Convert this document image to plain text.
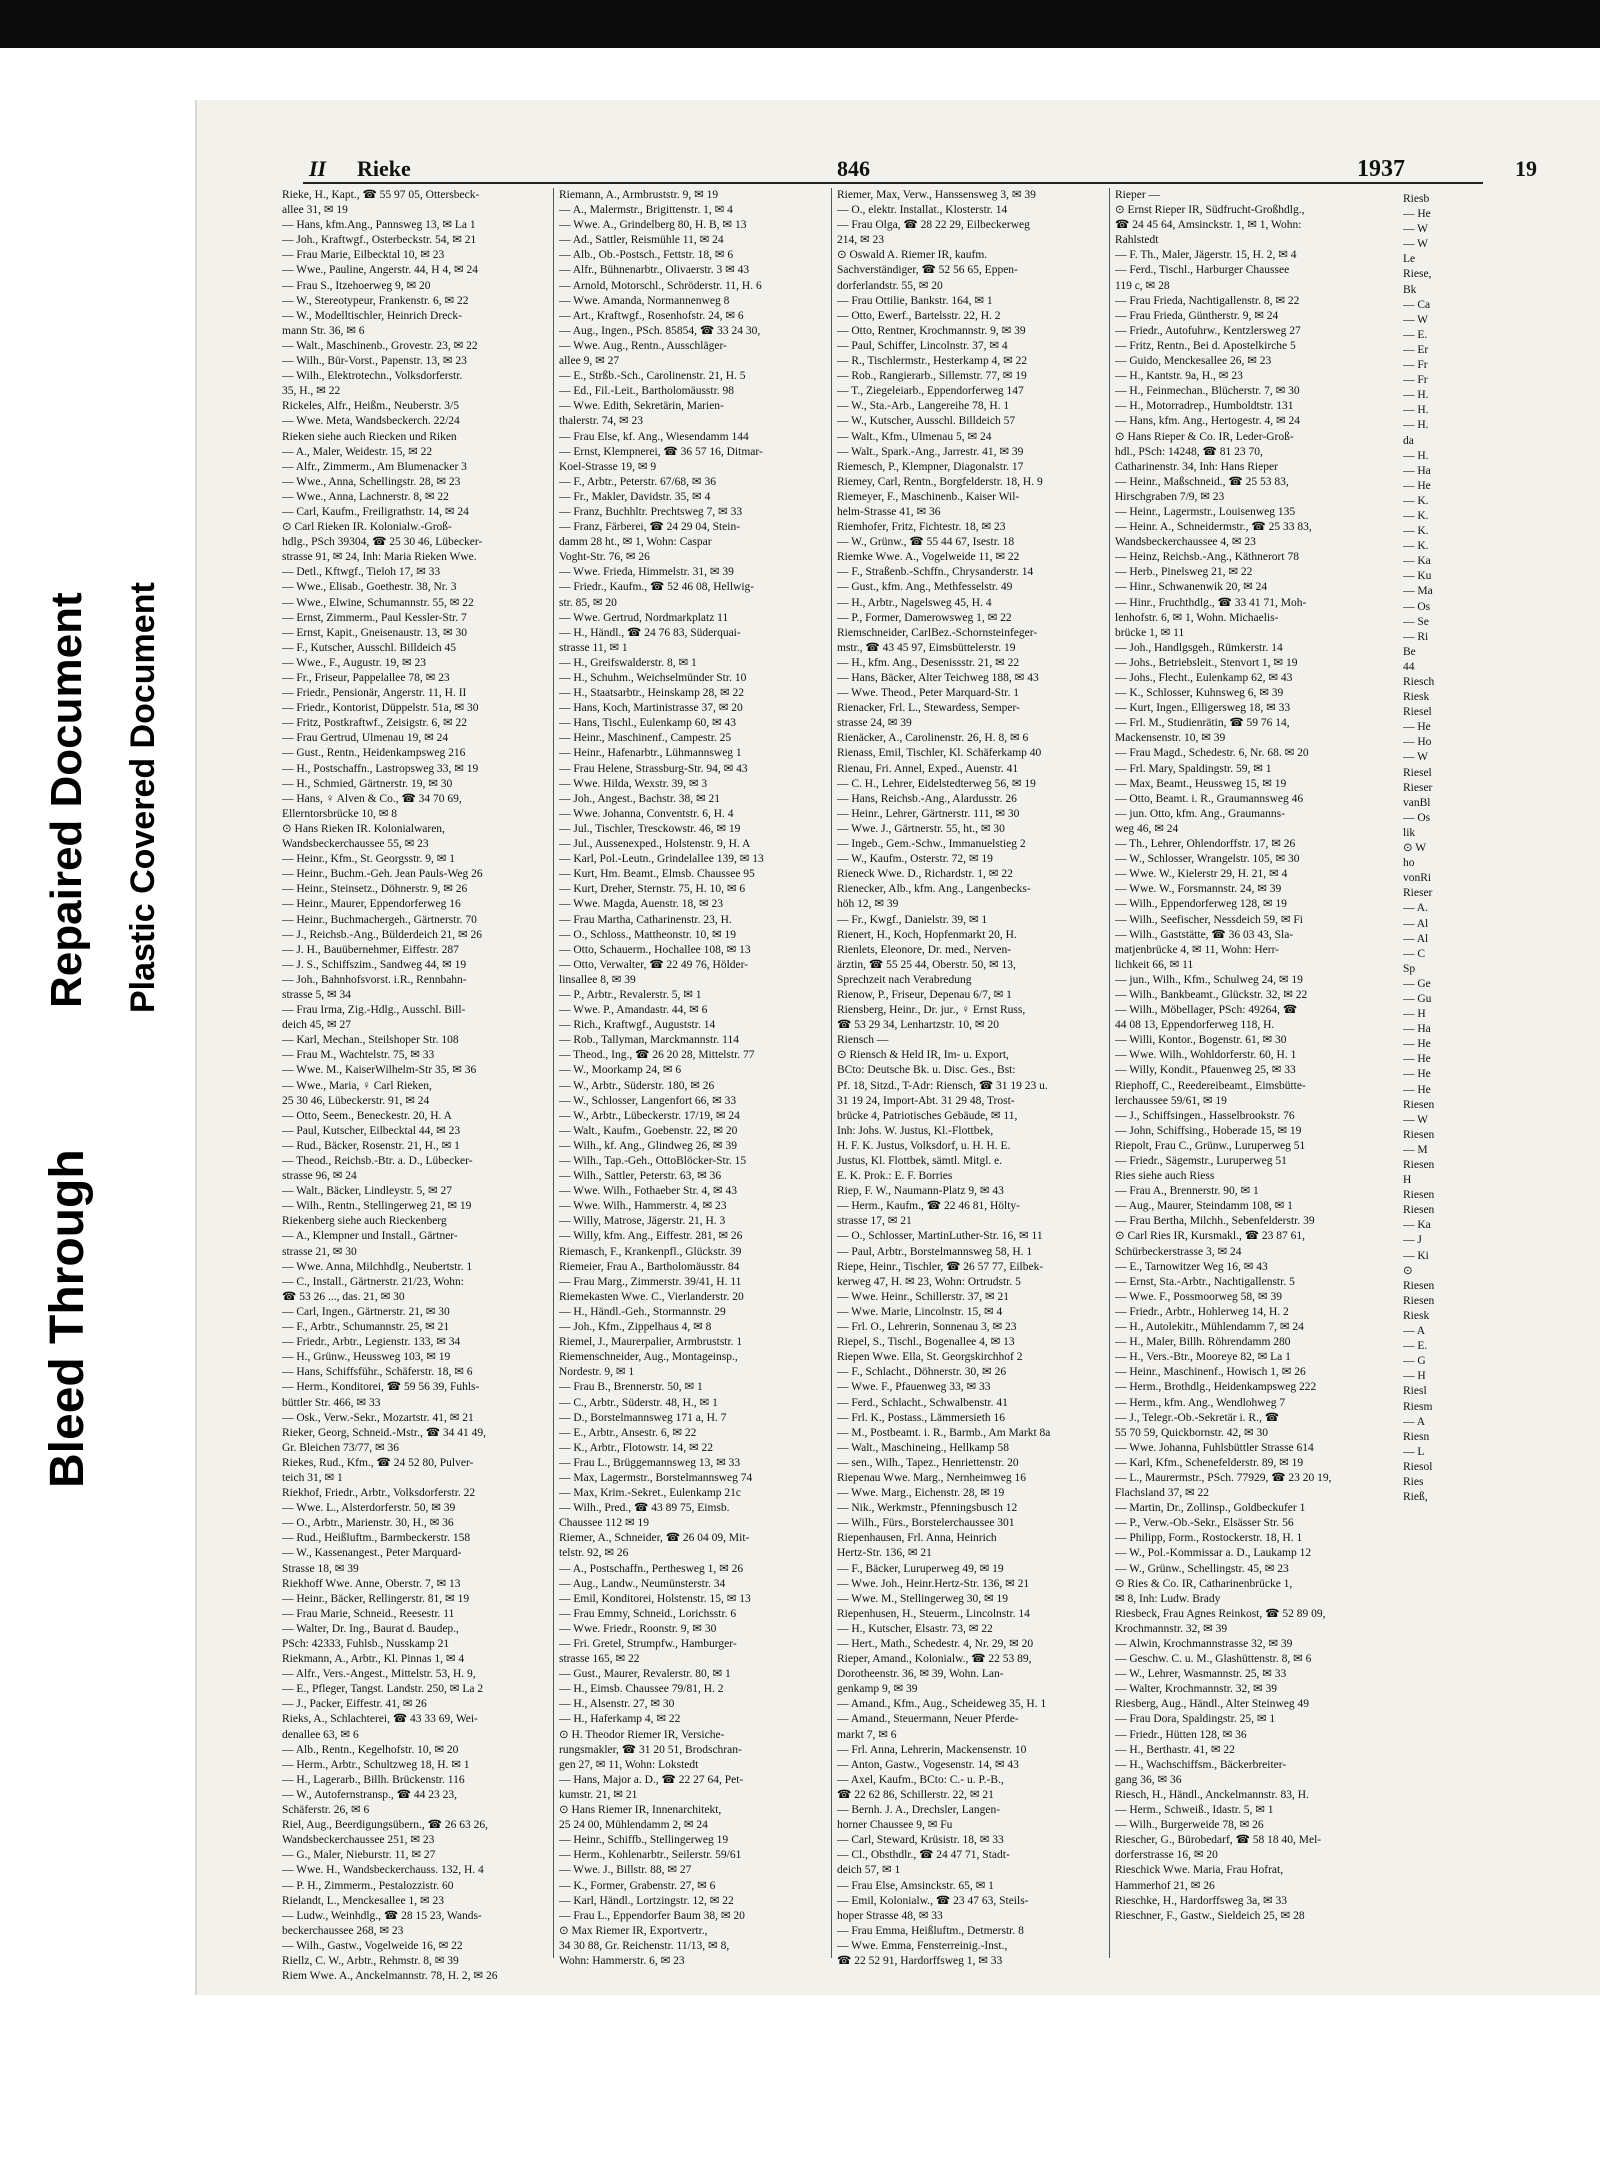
Bleed Through
Repaired Document Plastic Covered Document
II Rieke	846	1937

Rieke, H., Kapt., ☎ 55 97 05, Ottersbeck-

allee 31, ✉ 19

— Hans, kfm.Ang., Pannsweg 13, ✉ La 1

— Joh., Kraftwgf., Osterbeckstr. 54, ✉ 21

— Frau Marie, Eilbecktal 10, ✉ 23

— Wwe., Pauline, Angerstr. 44, H 4, ✉ 24

— Frau S., Itzehoerweg 9, ✉ 20

— W., Stereotypeur, Frankenstr. 6, ✉ 22

— W., Modelltischler, Heinrich Dreck-

mann Str. 36, ✉ 6

— Walt., Maschinenb., Grovestr. 23, ✉ 22

— Wilh., Bür-Vorst., Papenstr. 13, ✉ 23

— Wilh., Elektrotechn., Volksdorferstr.

35, H., ✉ 22

Rickeles, Alfr., Heißm., Neuberstr. 3/5

— Wwe. Meta, Wandsbeckerch. 22/24

Rieken siehe auch Riecken und Riken

— A., Maler, Weidestr. 15, ✉ 22

— Alfr., Zimmerm., Am Blumenacker 3

— Wwe., Anna, Schellingstr. 28, ✉ 23

— Wwe., Anna, Lachnerstr. 8, ✉ 22

— Carl, Kaufm., Freiligrathstr. 14, ✉ 24

⊙ Carl Rieken IR. Kolonialw.-Groß-

hdlg., PSch 39304, ☎ 25 30 46, Lübecker-

strasse 91, ✉ 24, Inh: Maria Rieken Wwe.

— Detl., Kftwgf., Tieloh 17, ✉ 33

— Wwe., Elisab., Goethestr. 38, Nr. 3

— Wwe., Elwine, Schumannstr. 55, ✉ 22

— Ernst, Zimmerm., Paul Kessler-Str. 7

— Ernst, Kapit., Gneisenaustr. 13, ✉ 30

— F., Kutscher, Ausschl. Billdeich 45

— Wwe., F., Augustr. 19, ✉ 23

— Fr., Friseur, Pappelallee 78, ✉ 23

— Friedr., Pensionär, Angerstr. 11, H. II

— Friedr., Kontorist, Düppelstr. 51a, ✉ 30

— Fritz, Postkraftwf., Zeisigstr. 6, ✉ 22

— Frau Gertrud, Ulmenau 19, ✉ 24

— Gust., Rentn., Heidenkampsweg 216

— H., Postschaffn., Lastropsweg 33, ✉ 19

— H., Schmied, Gärtnerstr. 19, ✉ 30

— Hans, ♀ Alven & Co., ☎ 34 70 69,

Ellerntorsbrücke 10, ✉ 8

⊙ Hans Rieken IR. Kolonialwaren,

Wandsbeckerchaussee 55, ✉ 23

— Heinr., Kfm., St. Georgsstr. 9, ✉ 1

— Heinr., Buchm.-Geh. Jean Pauls-Weg 26

— Heinr., Steinsetz., Döhnerstr. 9, ✉ 26

— Heinr., Maurer, Eppendorferweg 16

— Heinr., Buchmachergeh., Gärtnerstr. 70

— J., Reichsb.-Ang., Bülderdeich 21, ✉ 26

— J. H., Bauübernehmer, Eiffestr. 287

— J. S., Schiffszim., Sandweg 44, ✉ 19

— Joh., Bahnhofsvorst. i.R., Rennbahn-

strasse 5, ✉ 34

— Frau Irma, Zig.-Hdlg., Ausschl. Bill-

deich 45, ✉ 27

— Karl, Mechan., Steilshoper Str. 108

— Frau M., Wachtelstr. 75, ✉ 33

— Wwe. M., KaiserWilhelm-Str 35, ✉ 36

— Wwe., Maria, ♀ Carl Rieken,

25 30 46, Lübeckerstr. 91, ✉ 24

— Otto, Seem., Beneckestr. 20, H. A

— Paul, Kutscher, Eilbecktal 44, ✉ 23

— Rud., Bäcker, Rosenstr. 21, H., ✉ 1

— Theod., Reichsb.-Btr. a. D., Lübecker-

strasse 96, ✉ 24

— Walt., Bäcker, Lindleystr. 5, ✉ 27

— Wilh., Rentn., Stellingerweg 21, ✉ 19

Riekenberg siehe auch Rieckenberg

— A., Klempner und Install., Gärtner-

strasse 21, ✉ 30

— Wwe. Anna, Milchhdlg., Neubertstr. 1

— C., Install., Gärtnerstr. 21/23, Wohn:

☎ 53 26 ..., das. 21, ✉ 30

— Carl, Ingen., Gärtnerstr. 21, ✉ 30

— F., Arbtr., Schumannstr. 25, ✉ 21

— Friedr., Arbtr., Legienstr. 133, ✉ 34

— H., Grünw., Heussweg 103, ✉ 19

— Hans, Schiffsführ., Schäferstr. 18, ✉ 6

— Herm., Konditorei, ☎ 59 56 39, Fuhls-

büttler Str. 466, ✉ 33

— Osk., Verw.-Sekr., Mozartstr. 41, ✉ 21

Rieker, Georg, Schneid.-Mstr., ☎ 34 41 49,

Gr. Bleichen 73/77, ✉ 36

Riekes, Rud., Kfm., ☎ 24 52 80, Pulver-

teich 31, ✉ 1

Riekhof, Friedr., Arbtr., Volksdorferstr. 22

— Wwe. L., Alsterdorferstr. 50, ✉ 39

— O., Arbtr., Marienstr. 30, H., ✉ 36

— Rud., Heißluftm., Barmbeckerstr. 158

— W., Kassenangest., Peter Marquard-

Strasse 18, ✉ 39

Riekhoff Wwe. Anne, Oberstr. 7, ✉ 13

— Heinr., Bäcker, Rellingerstr. 81, ✉ 19

— Frau Marie, Schneid., Reesestr. 11

— Walter, Dr. Ing., Baurat d. Baudep.,

PSch: 42333, Fuhlsb., Nusskamp 21

Riekmann, A., Arbtr., Kl. Pinnas 1, ✉ 4

— Alfr., Vers.-Angest., Mittelstr. 53, H. 9,

— E., Pfleger, Tangst. Landstr. 250, ✉ La 2

— J., Packer, Eiffestr. 41, ✉ 26

Rieks, A., Schlachterei, ☎ 43 33 69, Wei-

denallee 63, ✉ 6

— Alb., Rentn., Kegelhofstr. 10, ✉ 20

— Herm., Arbtr., Schultzweg 18, H. ✉ 1

— H., Lagerarb., Billh. Brückenstr. 116

— W., Autofernstransp., ☎ 44 23 23,

Schäferstr. 26, ✉ 6

Riel, Aug., Beerdigungsübern., ☎ 26 63 26,

Wandsbeckerchaussee 251, ✉ 23

— G., Maler, Nieburstr. 11, ✉ 27

— Wwe. H., Wandsbeckerchauss. 132, H. 4

— P. H., Zimmerm., Pestalozzistr. 60

Rielandt, L., Menckesallee 1, ✉ 23

— Ludw., Weinhdlg., ☎ 28 15 23, Wands-

beckerchaussee 268, ✉ 23

— Wilh., Gastw., Vogelweide 16, ✉ 22

Riellz, C. W., Arbtr., Rehmstr. 8, ✉ 39

Riem Wwe. A., Anckelmannstr. 78, H. 2, ✉ 26

Riemann, A., Armbruststr. 9, ✉ 19

— A., Malermstr., Brigittenstr. 1, ✉ 4

— Wwe. A., Grindelberg 80, H. B, ✉ 13

— Ad., Sattler, Reismühle 11, ✉ 24

— Alb., Ob.-Postsch., Fettstr. 18, ✉ 6

— Alfr., Bühnenarbtr., Olivaerstr. 3 ✉ 43

— Arnold, Motorschl., Schröderstr. 11, H. 6

— Wwe. Amanda, Normannenweg 8

— Art., Kraftwgf., Rosenhofstr. 24, ✉ 6

— Aug., Ingen., PSch. 85854, ☎ 33 24 30,

— Wwe. Aug., Rentn., Ausschläger-

allee 9, ✉ 27

— E., Strßb.-Sch., Carolinenstr. 21, H. 5

— Ed., Fil.-Leit., Bartholomäusstr. 98

— Wwe. Edith, Sekretärin, Marien-

thalerstr. 74, ✉ 23

— Frau Else, kf. Ang., Wiesendamm 144

— Ernst, Klempnerei, ☎ 36 57 16, Ditmar-

Koel-Strasse 19, ✉ 9

— F., Arbtr., Peterstr. 67/68, ✉ 36

— Fr., Makler, Davidstr. 35, ✉ 4

— Franz, Buchhltr. Prechtsweg 7, ✉ 33

— Franz, Färberei, ☎ 24 29 04, Stein-

damm 28 ht., ✉ 1, Wohn: Caspar

Voght-Str. 76, ✉ 26

— Wwe. Frieda, Himmelstr. 31, ✉ 39

— Friedr., Kaufm., ☎ 52 46 08, Hellwig-

str. 85, ✉ 20

— Wwe. Gertrud, Nordmarkplatz 11

— H., Händl., ☎ 24 76 83, Süderquai-

strasse 11, ✉ 1

— H., Greifswalderstr. 8, ✉ 1

— H., Schuhm., Weichselmünder Str. 10

— H., Staatsarbtr., Heinskamp 28, ✉ 22

— Hans, Koch, Martinistrasse 37, ✉ 20

— Hans, Tischl., Eulenkamp 60, ✉ 43

— Heinr., Maschinenf., Campestr. 25

— Heinr., Hafenarbtr., Lühmannsweg 1

— Frau Helene, Strassburg-Str. 94, ✉ 43

— Wwe. Hilda, Wexstr. 39, ✉ 3

— Joh., Angest., Bachstr. 38, ✉ 21

— Wwe. Johanna, Conventstr. 6, H. 4

— Jul., Tischler, Tresckowstr. 46, ✉ 19

— Jul., Aussenexped., Holstenstr. 9, H. A

— Karl, Pol.-Leutn., Grindelallee 139, ✉ 13

— Kurt, Hm. Beamt., Elmsb. Chaussee 95

— Kurt, Dreher, Sternstr. 75, H. 10, ✉ 6

— Wwe. Magda, Auenstr. 18, ✉ 23

— Frau Martha, Catharinenstr. 23, H.

— O., Schloss., Mattheonstr. 10, ✉ 19

— Otto, Schauerm., Hochallee 108, ✉ 13

— Otto, Verwalter, ☎ 22 49 76, Hölder-

linsallee 8, ✉ 39

— P., Arbtr., Revalerstr. 5, ✉ 1

— Wwe. P., Amandastr. 44, ✉ 6

— Rich., Kraftwgf., Auguststr. 14

— Rob., Tallyman, Marckmannstr. 114

— Theod., Ing., ☎ 26 20 28, Mittelstr. 77

— W., Moorkamp 24, ✉ 6

— W., Arbtr., Süderstr. 180, ✉ 26

— W., Schlosser, Langenfort 66, ✉ 33

— W., Arbtr., Lübeckerstr. 17/19, ✉ 24

— Walt., Kaufm., Goebenstr. 22, ✉ 20

— Wilh., kf. Ang., Glindweg 26, ✉ 39

— Wilh., Tap.-Geh., OttoBlöcker-Str. 15

— Wilh., Sattler, Peterstr. 63, ✉ 36

— Wwe. Wilh., Fothaeber Str. 4, ✉ 43

— Wwe. Wilh., Hammerstr. 4, ✉ 23

— Willy, Matrose, Jägerstr. 21, H. 3

— Willy, kfm. Ang., Eiffestr. 281, ✉ 26

Riemasch, F., Krankenpfl., Glückstr. 39

Riemeier, Frau A., Bartholomäusstr. 84

— Frau Marg., Zimmerstr. 39/41, H. 11

Riemekasten Wwe. C., Vierlanderstr. 20

— H., Händl.-Geh., Stormannstr. 29

— Joh., Kfm., Zippelhaus 4, ✉ 8

Riemel, J., Maurerpalier, Armbruststr. 1

Riemenschneider, Aug., Montageinsp.,

Nordestr. 9, ✉ 1

— Frau B., Brennerstr. 50, ✉ 1

— C., Arbtr., Süderstr. 48, H., ✉ 1

— D., Borstelmannsweg 171 a, H. 7

— E., Arbtr., Ansestr. 6, ✉ 22

— K., Arbtr., Flotowstr. 14, ✉ 22

— Frau L., Brüggemannsweg 13, ✉ 33

— Max, Lagermstr., Borstelmannsweg 74

— Max, Krim.-Sekret., Eulenkamp 21c

— Wilh., Pred., ☎ 43 89 75, Eimsb.

Chaussee 112 ✉ 19

Riemer, A., Schneider, ☎ 26 04 09, Mit-

telstr. 92, ✉ 26

— A., Postschaffn., Perthesweg 1, ✉ 26

— Aug., Landw., Neumünsterstr. 34

— Emil, Konditorei, Holstenstr. 15, ✉ 13

— Frau Emmy, Schneid., Lorichsstr. 6

— Wwe. Friedr., Roonstr. 9, ✉ 30

— Fri. Gretel, Strumpfw., Hamburger-

strasse 165, ✉ 22

— Gust., Maurer, Revalerstr. 80, ✉ 1

— H., Eimsb. Chaussee 79/81, H. 2

— H., Alsenstr. 27, ✉ 30

— H., Haferkamp 4, ✉ 22

⊙ H. Theodor Riemer IR, Versiche-

rungsmakler, ☎ 31 20 51, Brodschran-

gen 27, ✉ 11, Wohn: Lokstedt

— Hans, Major a. D., ☎ 22 27 64, Pet-

kumstr. 21, ✉ 21

⊙ Hans Riemer IR, Innenarchitekt,

25 24 00, Mühlendamm 2, ✉ 24

— Heinr., Schiffb., Stellingerweg 19

— Herm., Kohlenarbtr., Seilerstr. 59/61

— Wwe. J., Billstr. 88, ✉ 27

— K., Former, Grabenstr. 27, ✉ 6

— Karl, Händl., Lortzingstr. 12, ✉ 22

— Frau L., Eppendorfer Baum 38, ✉ 20

⊙ Max Riemer IR, Exportvertr.,

34 30 88, Gr. Reichenstr. 11/13, ✉ 8,

Wohn: Hammerstr. 6, ✉ 23

Riemer, Max, Verw., Hanssensweg 3, ✉ 39

— O., elektr. Installat., Klosterstr. 14

— Frau Olga, ☎ 28 22 29, Eilbeckerweg

214, ✉ 23

⊙ Oswald A. Riemer IR, kaufm.

Sachverständiger, ☎ 52 56 65, Eppen-

dorferlandstr. 55, ✉ 20

— Frau Ottilie, Bankstr. 164, ✉ 1

— Otto, Ewerf., Bartelsstr. 22, H. 2

— Otto, Rentner, Krochmannstr. 9, ✉ 39

— Paul, Schiffer, Lincolnstr. 37, ✉ 4

— R., Tischlermstr., Hesterkamp 4, ✉ 22

— Rob., Rangierarb., Sillemstr. 77, ✉ 19

— T., Ziegeleiarb., Eppendorferweg 147

— W., Sta.-Arb., Langereihe 78, H. 1

— W., Kutscher, Ausschl. Billdeich 57

— Walt., Kfm., Ulmenau 5, ✉ 24

— Walt., Spark.-Ang., Jarrestr. 41, ✉ 39

Riemesch, P., Klempner, Diagonalstr. 17

Riemey, Carl, Rentn., Borgfelderstr. 18, H. 9

Riemeyer, F., Maschinenb., Kaiser Wil-

helm-Strasse 41, ✉ 36

Riemhofer, Fritz, Fichtestr. 18, ✉ 23

— W., Grünw., ☎ 55 44 67, Isestr. 18

Riemke Wwe. A., Vogelweide 11, ✉ 22

— F., Straßenb.-Schffn., Chrysanderstr. 14

— Gust., kfm. Ang., Methfesselstr. 49

— H., Arbtr., Nagelsweg 45, H. 4

— P., Former, Damerowsweg 1, ✉ 22

Riemschneider, CarlBez.-Schornsteinfeger-

mstr., ☎ 43 45 97, Eimsbüttelerstr. 19

— H., kfm. Ang., Desenissstr. 21, ✉ 22

— Hans, Bäcker, Alter Teichweg 188, ✉ 43

— Wwe. Theod., Peter Marquard-Str. 1

Rienacker, Frl. L., Stewardess, Semper-

strasse 24, ✉ 39

Rienäcker, A., Carolinenstr. 26, H. 8, ✉ 6

Rienass, Emil, Tischler, Kl. Schäferkamp 40

Rienau, Fri. Annel, Exped., Auenstr. 41

— C. H., Lehrer, Eidelstedterweg 56, ✉ 19

— Hans, Reichsb.-Ang., Alardusstr. 26

— Heinr., Lehrer, Gärtnerstr. 111, ✉ 30

— Wwe. J., Gärtnerstr. 55, ht., ✉ 30

— Ingeb., Gem.-Schw., Immanuelstieg 2

— W., Kaufm., Osterstr. 72, ✉ 19

Rieneck Wwe. D., Richardstr. 1, ✉ 22

Rienecker, Alb., kfm. Ang., Langenbecks-

höh 12, ✉ 39

— Fr., Kwgf., Danielstr. 39, ✉ 1

Rienert, H., Koch, Hopfenmarkt 20, H.

Rienlets, Eleonore, Dr. med., Nerven-

ärztin, ☎ 55 25 44, Oberstr. 50, ✉ 13,

Sprechzeit nach Verabredung

Rienow, P., Friseur, Depenau 6/7, ✉ 1

Riensberg, Heinr., Dr. jur., ♀ Ernst Russ,

☎ 53 29 34, Lenhartzstr. 10, ✉ 20

Riensch —

⊙ Riensch & Held IR, Im- u. Export,

BCto: Deutsche Bk. u. Disc. Ges., Bst:

Pf. 18, Sitzd., T-Adr: Riensch, ☎ 31 19 23 u.

31 19 24, Import-Abt. 31 29 48, Trost-

brücke 4, Patriotisches Gebäude, ✉ 11,

Inh: Johs. W. Justus, Kl.-Flottbek,

H. F. K. Justus, Volksdorf, u. H. H. E.

Justus, Kl. Flottbek, sämtl. Mitgl. e.

E. K. Prok.: E. F. Borries

Riep, F. W., Naumann-Platz 9, ✉ 43

— Herm., Kaufm., ☎ 22 46 81, Hölty-

strasse 17, ✉ 21

— O., Schlosser, MartinLuther-Str. 16, ✉ 11

— Paul, Arbtr., Borstelmannsweg 58, H. 1

Riepe, Heinr., Tischler, ☎ 26 57 77, Eilbek-

kerweg 47, H. ✉ 23, Wohn: Ortrudstr. 5

— Wwe. Heinr., Schillerstr. 37, ✉ 21

— Wwe. Marie, Lincolnstr. 15, ✉ 4

— Frl. O., Lehrerin, Sonnenau 3, ✉ 23

Riepel, S., Tischl., Bogenallee 4, ✉ 13

Riepen Wwe. Ella, St. Georgskirchhof 2

— F., Schlacht., Döhnerstr. 30, ✉ 26

— Wwe. F., Pfauenweg 33, ✉ 33

— Ferd., Schlacht., Schwalbenstr. 41

— Frl. K., Postass., Lämmersieth 16

— M., Postbeamt. i. R., Barmb., Am Markt 8a

— Walt., Maschineing., Hellkamp 58

— sen., Wilh., Tapez., Henriettenstr. 20

Riepenau Wwe. Marg., Nernheimweg 16

— Wwe. Marg., Eichenstr. 28, ✉ 19

— Nik., Werkmstr., Pfenningsbusch 12

— Wilh., Fürs., Borstelerchaussee 301

Riepenhausen, Frl. Anna, Heinrich

Hertz-Str. 136, ✉ 21

— F., Bäcker, Luruperweg 49, ✉ 19

— Wwe. Joh., Heinr.Hertz-Str. 136, ✉ 21

— Wwe. M., Stellingerweg 30, ✉ 19

Riepenhusen, H., Steuerm., Lincolnstr. 14

— H., Kutscher, Elsastr. 73, ✉ 22

— Hert., Math., Schedestr. 4, Nr. 29, ✉ 20

Rieper, Amand., Kolonialw., ☎ 22 53 89,

Dorotheenstr. 36, ✉ 39, Wohn. Lan-

genkamp 9, ✉ 39

— Amand., Kfm., Aug., Scheideweg 35, H. 1

— Amand., Steuermann, Neuer Pferde-

markt 7, ✉ 6

— Frl. Anna, Lehrerin, Mackensenstr. 10

— Anton, Gastw., Vogesenstr. 14, ✉ 43

— Axel, Kaufm., BCto: C.- u. P.-B.,

☎ 22 62 86, Schillerstr. 22, ✉ 21

— Bernh. J. A., Drechsler, Langen-

horner Chaussee 9, ✉ Fu

— Carl, Steward, Krüsistr. 18, ✉ 33

— Cl., Obsthdlr., ☎ 24 47 71, Stadt-

deich 57, ✉ 1

— Frau Else, Amsinckstr. 65, ✉ 1

— Emil, Kolonialw., ☎ 23 47 63, Steils-

hoper Strasse 48, ✉ 33

— Frau Emma, Heißluftm., Detmerstr. 8

— Wwe. Emma, Fensterreinig.-Inst.,

☎ 22 52 91, Hardorffsweg 1, ✉ 33

Rieper —

⊙ Ernst Rieper IR, Südfrucht-Großhdlg.,

☎ 24 45 64, Amsinckstr. 1, ✉ 1, Wohn:

Rahlstedt

— F. Th., Maler, Jägerstr. 15, H. 2, ✉ 4

— Ferd., Tischl., Harburger Chaussee

119 c, ✉ 28

— Frau Frieda, Nachtigallenstr. 8, ✉ 22

— Frau Frieda, Güntherstr. 9, ✉ 24

— Friedr., Autofuhrw., Kentzlersweg 27

— Fritz, Rentn., Bei d. Apostelkirche 5

— Guido, Menckesallee 26, ✉ 23

— H., Kantstr. 9a, H., ✉ 23

— H., Feinmechan., Blücherstr. 7, ✉ 30

— H., Motorradrep., Humboldtstr. 131

— Hans, kfm. Ang., Hertogestr. 4, ✉ 24

⊙ Hans Rieper & Co. IR, Leder-Groß-

hdl., PSch: 14248, ☎ 81 23 70,

Catharinenstr. 34, Inh: Hans Rieper

— Heinr., Maßschneid., ☎ 25 53 83,

Hirschgraben 7/9, ✉ 23

— Heinr., Lagermstr., Louisenweg 135

— Heinr. A., Schneidermstr., ☎ 25 33 83,

Wandsbeckerchaussee 4, ✉ 23

— Heinz, Reichsb.-Ang., Käthnerort 78

— Herb., Pinelsweg 21, ✉ 22

— Hinr., Schwanenwik 20, ✉ 24

— Hinr., Fruchthdlg., ☎ 33 41 71, Moh-

lenhofstr. 6, ✉ 1, Wohn. Michaelis-

brücke 1, ✉ 11

— Joh., Handlgsgeh., Rümkerstr. 14

— Johs., Betriebsleit., Stenvort 1, ✉ 19

— Johs., Flecht., Eulenkamp 62, ✉ 43

— K., Schlosser, Kuhnsweg 6, ✉ 39

— Kurt, Ingen., Elligersweg 18, ✉ 33

— Frl. M., Studienrätin, ☎ 59 76 14,

Mackensenstr. 10, ✉ 39

— Frau Magd., Schedestr. 6, Nr. 68. ✉ 20

— Frl. Mary, Spaldingstr. 59, ✉ 1

— Max, Beamt., Heussweg 15, ✉ 19

— Otto, Beamt. i. R., Graumannsweg 46

— jun. Otto, kfm. Ang., Graumanns-

weg 46, ✉ 24

— Th., Lehrer, Ohlendorffstr. 17, ✉ 26

— W., Schlosser, Wrangelstr. 105, ✉ 30

— Wwe. W., Kielerstr 29, H. 21, ✉ 4

— Wwe. W., Forsmannstr. 24, ✉ 39

— Wilh., Eppendorferweg 128, ✉ 19

— Wilh., Seefischer, Nessdeich 59, ✉ Fi

— Wilh., Gaststätte, ☎ 36 03 43, Sla-

matjenbrücke 4, ✉ 11, Wohn: Herr-

lichkeit 66, ✉ 11

— jun., Wilh., Kfm., Schulweg 24, ✉ 19

— Wilh., Bankbeamt., Glückstr. 32, ✉ 22

— Wilh., Möbellager, PSch: 49264, ☎

44 08 13, Eppendorferweg 118, H.

— Willi, Kontor., Bogenstr. 61, ✉ 30

— Wwe. Wilh., Wohldorferstr. 60, H. 1

— Willy, Kondit., Pfauenweg 25, ✉ 33

Riephoff, C., Reedereibeamt., Eimsbütte-

lerchaussee 59/61, ✉ 19

— J., Schiffsingen., Hasselbrookstr. 76

— John, Schiffsing., Hoberade 15, ✉ 19

Riepolt, Frau C., Grünw., Luruperweg 51

— Friedr., Sägemstr., Luruperweg 51

Ries siehe auch Riess

— Frau A., Brennerstr. 90, ✉ 1

— Aug., Maurer, Steindamm 108, ✉ 1

— Frau Bertha, Milchh., Sebenfelderstr. 39

⊙ Carl Ries IR, Kursmakl., ☎ 23 87 61,

Schürbeckerstrasse 3, ✉ 24

— E., Tarnowitzer Weg 16, ✉ 43

— Ernst, Sta.-Arbtr., Nachtigallenstr. 5

— Wwe. F., Possmoorweg 58, ✉ 39

— Friedr., Arbtr., Hohlerweg 14, H. 2

— H., Autolekitr., Mühlendamm 7, ✉ 24

— H., Maler, Billh. Röhrendamm 280

— H., Vers.-Btr., Mooreye 82, ✉ La 1

— Heinr., Maschinenf., Howisch 1, ✉ 26

— Herm., Brothdlg., Heidenkampsweg 222

— Herm., kfm. Ang., Wendlohweg 7

— J., Telegr.-Ob.-Sekretär i. R., ☎

55 70 59, Quickbornstr. 42, ✉ 30

— Wwe. Johanna, Fuhlsbüttler Strasse 614

— Karl, Kfm., Schenefelderstr. 89, ✉ 19

— L., Maurermstr., PSch. 77929, ☎ 23 20 19,

Flachsland 37, ✉ 22

— Martin, Dr., Zollinsp., Goldbeckufer 1

— P., Verw.-Ob.-Sekr., Elsässer Str. 56

— Philipp, Form., Rostockerstr. 18, H. 1

— W., Pol.-Kommissar a. D., Laukamp 12

— W., Grünw., Schellingstr. 45, ✉ 23

⊙ Ries & Co. IR, Catharinenbrücke 1,

✉ 8, Inh: Ludw. Brady

Riesbeck, Frau Agnes Reinkost, ☎ 52 89 09,

Krochmannstr. 32, ✉ 39

— Alwin, Krochmannstrasse 32, ✉ 39

— Geschw. C. u. M., Glashüttenstr. 8, ✉ 6

— W., Lehrer, Wasmannstr. 25, ✉ 33

— Walter, Krochmannstr. 32, ✉ 39

Riesberg, Aug., Händl., Alter Steinweg 49

— Frau Dora, Spaldingstr. 25, ✉ 1

— Friedr., Hütten 128, ✉ 36

— H., Berthastr. 41, ✉ 22

— H., Wachschiffsm., Bäckerbreiter-

gang 36, ✉ 36

Riesch, H., Händl., Anckelmannstr. 83, H.

— Herm., Schweiß., Idastr. 5, ✉ 1

— Wilh., Burgerweide 78, ✉ 26

Riescher, G., Bürobedarf, ☎ 58 18 40, Mel-

dorferstrasse 16, ✉ 20

Rieschick Wwe. Maria, Frau Hofrat,

Hammerhof 21, ✉ 26

Rieschke, H., Hardorffsweg 3a, ✉ 33

Rieschner, F., Gastw., Sieldeich 25, ✉ 28

19

Riesb

— He

— W

— W

Le

Riese,

Bk

— Ca

— W

— E.

— Er

— Fr

— Fr

— H.

— H.

— H.

da

— H.

— Ha

— He

— K.

— K.

— K.

— K.

— Ka

— Ku

— Ma

— Os

— Se

— Ri

Be

44

Riesch

Riesk

Riesel

— He

— Ho

— W

Riesel

Rieser

vanBl

— Os

lik

⊙ W

ho

vonRi

Rieser

— A.

— Al

— Al

— C

Sp

— Ge

— Gu

— H

— Ha

— He

— He

— He

— He

Riesen

— W

Riesen

— M

Riesen

H

Riesen

Riesen

— Ka

— J

— Ki

⊙

Riesen

Riesen

Riesk

— A

— E.

— G

— H

Riesl

Riesm

— A

Riesn

— L

Riesol

Ries

Rieß,
